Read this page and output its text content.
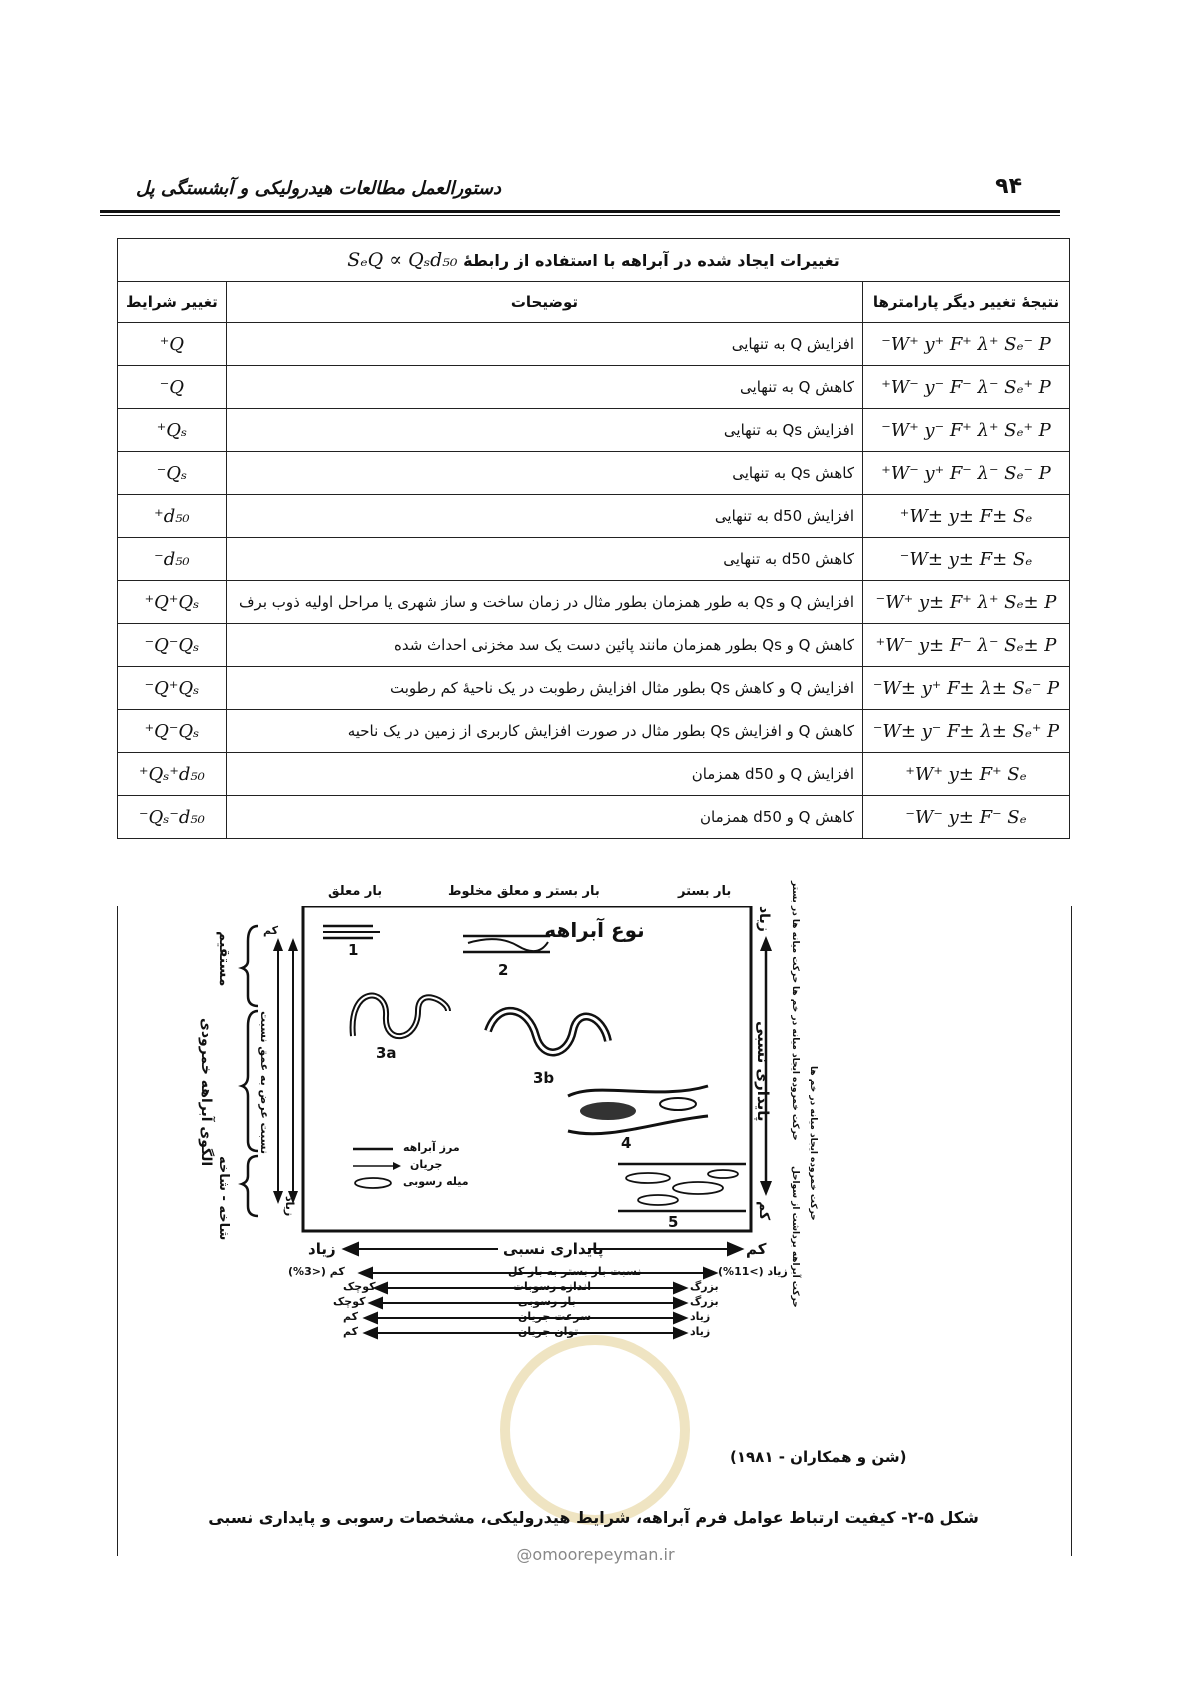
۹۴
دستورالعمل مطالعات هیدرولیکی و آبشستگی پل
تغییرات ایجاد شده در آبراهه با استفاده از رابطهٔ SₑQ ∝ Qₛd₅₀		
نتیجهٔ تغییر دیگر پارامترها	توضیحات	تغییر شرایط
W⁺ y⁺ F⁺ λ⁺ Sₑ⁻ P⁻	افزایش Q به تنهایی	Q⁺
W⁻ y⁻ F⁻ λ⁻ Sₑ⁺ P⁺	کاهش Q به تنهایی	Q⁻
W⁺ y⁻ F⁺ λ⁺ Sₑ⁺ P⁻	افزایش Qs به تنهایی	Qₛ⁺
W⁻ y⁺ F⁻ λ⁻ Sₑ⁻ P⁺	کاهش Qs به تنهایی	Qₛ⁻
W± y± F± Sₑ⁺	افزایش d50 به تنهایی	d₅₀⁺
W± y± F± Sₑ⁻	کاهش d50 به تنهایی	d₅₀⁻
W⁺ y± F⁺ λ⁺ Sₑ± P⁻	افزایش Q و Qs به طور همزمان بطور مثال در زمان ساخت و ساز شهری یا مراحل اولیه ذوب برف	Q⁺Qₛ⁺
W⁻ y± F⁻ λ⁻ Sₑ± P⁺	کاهش Q و Qs بطور همزمان مانند پائین دست یک سد مخزنی احداث شده	Q⁻Qₛ⁻
W± y⁺ F± λ± Sₑ⁻ P⁻	افزایش Q و کاهش Qs بطور مثال افزایش رطوبت در یک ناحیهٔ کم رطوبت	Q⁺Qₛ⁻
W± y⁻ F± λ± Sₑ⁺ P⁻	کاهش Q و افزایش Qs بطور مثال در صورت افزایش کاربری از زمین در یک ناحیه	Q⁻Qₛ⁺
W⁺ y± F⁺ Sₑ⁺	افزایش Q و d50 همزمان	Qₛ⁺d₅₀⁺
W⁻ y± F⁻ Sₑ⁻	کاهش Q و d50 همزمان	Qₛ⁻d₅₀⁻
نوع آبراهه
بار معلق	بار بستر و معلق مخلوط	بار بستر
1
2
3a
3b
4
5
مرز آبراهه
جریان
میله رسوبی
مستقیم
الگوی آبراهه خمرودی
شاخه - شاخه
نسبت عرض به عمق نسبت
کم
زیاد
زیاد
پایداری نسبی
کم
حرکت میانه ها در بستر
حرکت خمروده ایجاد میانه در خم ها
حرکت خمروده ایجاد میانه در خم ها
حرکت آبراهه برداشت از سواحل
زیاد	پایداری نسبی	کم
نسبت بار بستر به بار کل
کم (<3%)	زیاد (>11%)
اندازه رسوبات
کوچک	بزرگ
بار رسوبی
کوچک	بزرگ
سرعت جریان
کم	زیاد
توان جریان
کم	زیاد
(شن و همکاران - ۱۹۸۱)
شکل ۵-۲- کیفیت ارتباط عوامل فرم آبراهه، شرایط هیدرولیکی، مشخصات رسوبی و پایداری نسبی
@omoorepeyman.ir
